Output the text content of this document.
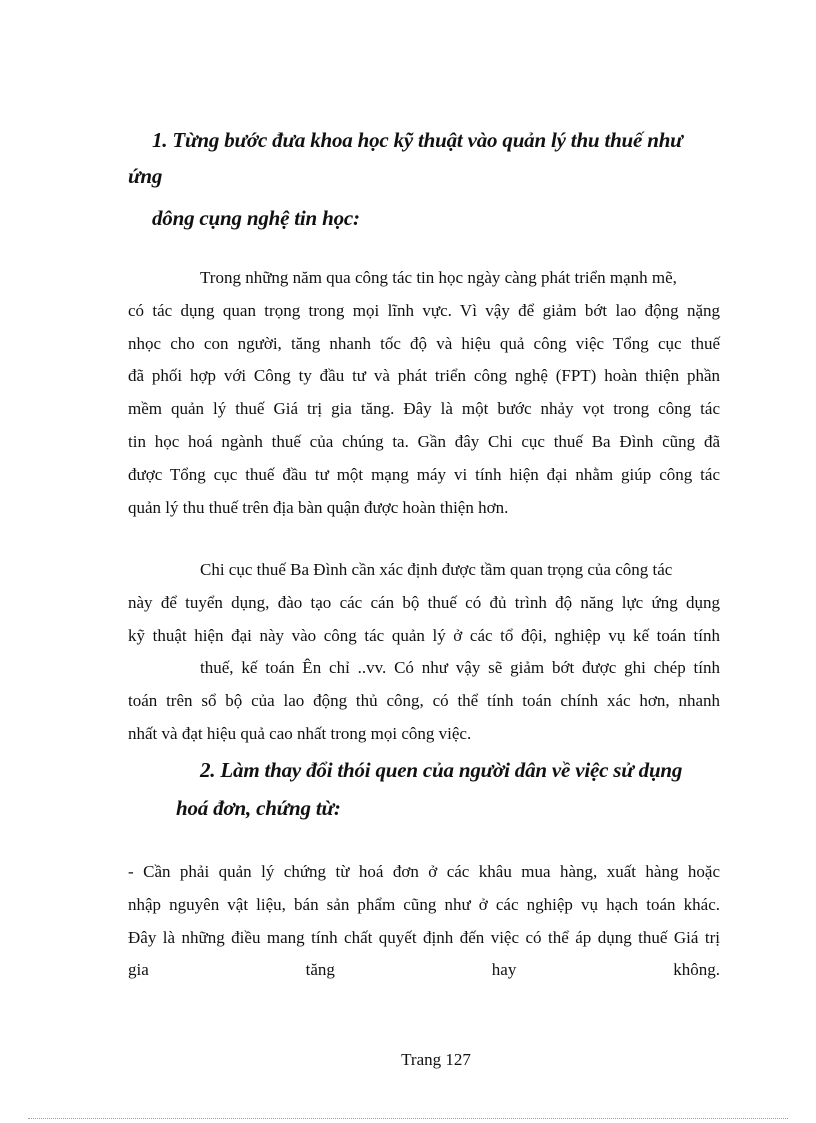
1. Từng bước đưa khoa học kỹ thuật vào quản lý thu thuế như
ứng
dông cụng nghệ tin học:
Trong những năm qua công tác tin học ngày càng phát triển mạnh mẽ,
có tác dụng quan trọng trong mọi lĩnh vực. Vì vậy để giảm bớt lao động nặng
nhọc cho con người, tăng nhanh tốc độ và hiệu quả công việc Tổng cục thuế
đã phối hợp với Công ty đầu tư và phát triển công nghệ (FPT) hoàn thiện phần
mềm quản lý thuế Giá trị gia tăng. Đây là một bước nhảy vọt trong công tác
tin học hoá ngành thuế của chúng ta. Gần đây Chi cục thuế Ba Đình cũng đã
được Tổng cục thuế đầu tư một mạng máy vi tính hiện đại nhằm giúp công tác
quản lý thu thuế trên địa bàn quận được hoàn thiện hơn.
Chi cục thuế Ba Đình cần xác định được tầm quan trọng của công tác
này để tuyển dụng, đào tạo các cán bộ thuế có đủ trình độ năng lực ứng dụng
kỹ thuật hiện đại này vào công tác quản lý ở các tổ đội, nghiệp vụ kế toán tính
thuế, kế toán Ên chỉ ..vv. Có như vậy sẽ giảm bớt được ghi chép tính
toán trên sổ bộ của lao động thủ công, có thể tính toán chính xác hơn, nhanh
nhất và đạt hiệu quả cao nhất trong mọi công việc.
2. Làm thay đổi thói quen của người dân về việc sử dụng
hoá đơn, chứng từ:
- Cần phải quản lý chứng từ hoá đơn ở các khâu mua hàng, xuất hàng hoặc
nhập nguyên vật liệu, bán sản phẩm cũng như ở các nghiệp vụ hạch toán khác.
Đây là những điều mang tính chất quyết định đến việc có thể áp dụng thuế Giá trị
gia tăng hay không.
Trang 127
